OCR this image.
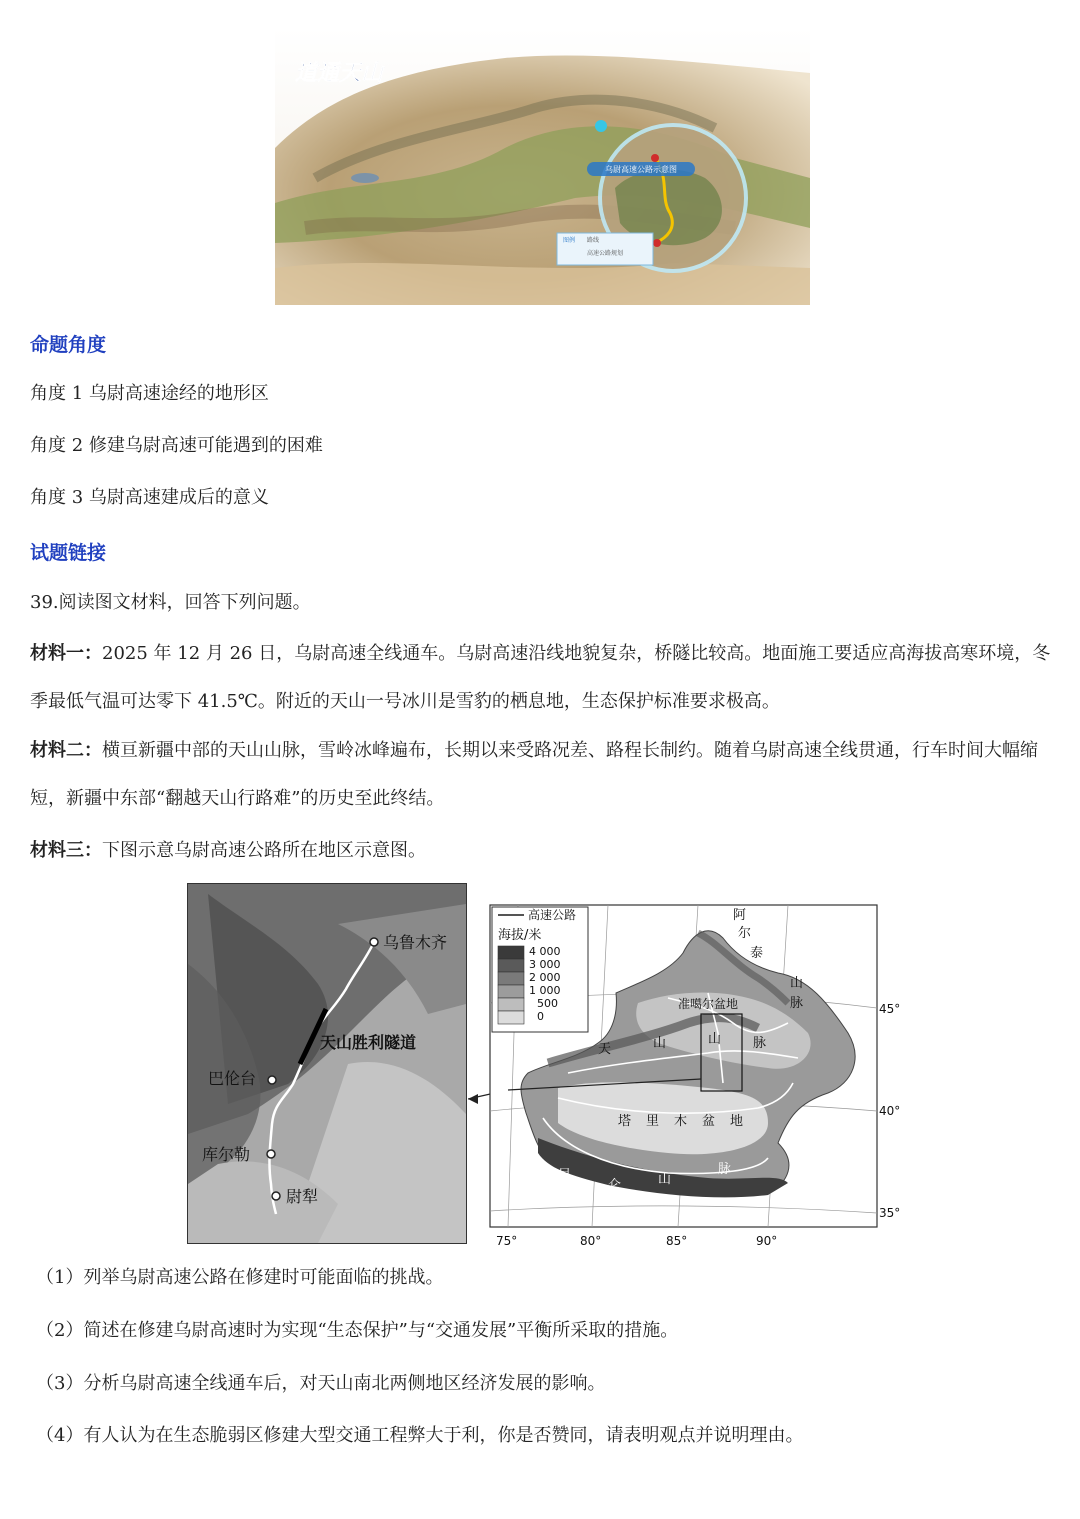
乌尉高速公路示意图
图例 路线
高速公路规划
道通天山
命题角度
角度 1 乌尉高速途经的地形区
角度 2 修建乌尉高速可能遇到的困难
角度 3 乌尉高速建成后的意义
试题链接
39.阅读图文材料，回答下列问题。
材料一：2025 年 12 月 26 日，乌尉高速全线通车。乌尉高速沿线地貌复杂，桥隧比较高。地面施工要适应高海拔高寒环境，冬季最低气温可达零下 41.5℃。附近的天山一号冰川是雪豹的栖息地，生态保护标准要求极高。
材料二：横亘新疆中部的天山山脉，雪岭冰峰遍布，长期以来受路况差、路程长制约。随着乌尉高速全线贯通，行车时间大幅缩短，新疆中东部“翻越天山行路难”的历史至此终结。
材料三：下图示意乌尉高速公路所在地区示意图。
乌鲁木齐
天山胜利隧道
巴伦台
库尔勒
尉犁
高速公路
海拔/米
4 000
3 000
2 000
1 000
500
0
准噶尔盆地
天	山	山 脉
阿
尔
泰
山
脉
塔 里 木 盆 地
昆
仑	山
脉
45°
40°
35°
75°	80°	85°	90°
（1）列举乌尉高速公路在修建时可能面临的挑战。
（2）简述在修建乌尉高速时为实现“生态保护”与“交通发展”平衡所采取的措施。
（3）分析乌尉高速全线通车后，对天山南北两侧地区经济发展的影响。
（4）有人认为在生态脆弱区修建大型交通工程弊大于利，你是否赞同，请表明观点并说明理由。
